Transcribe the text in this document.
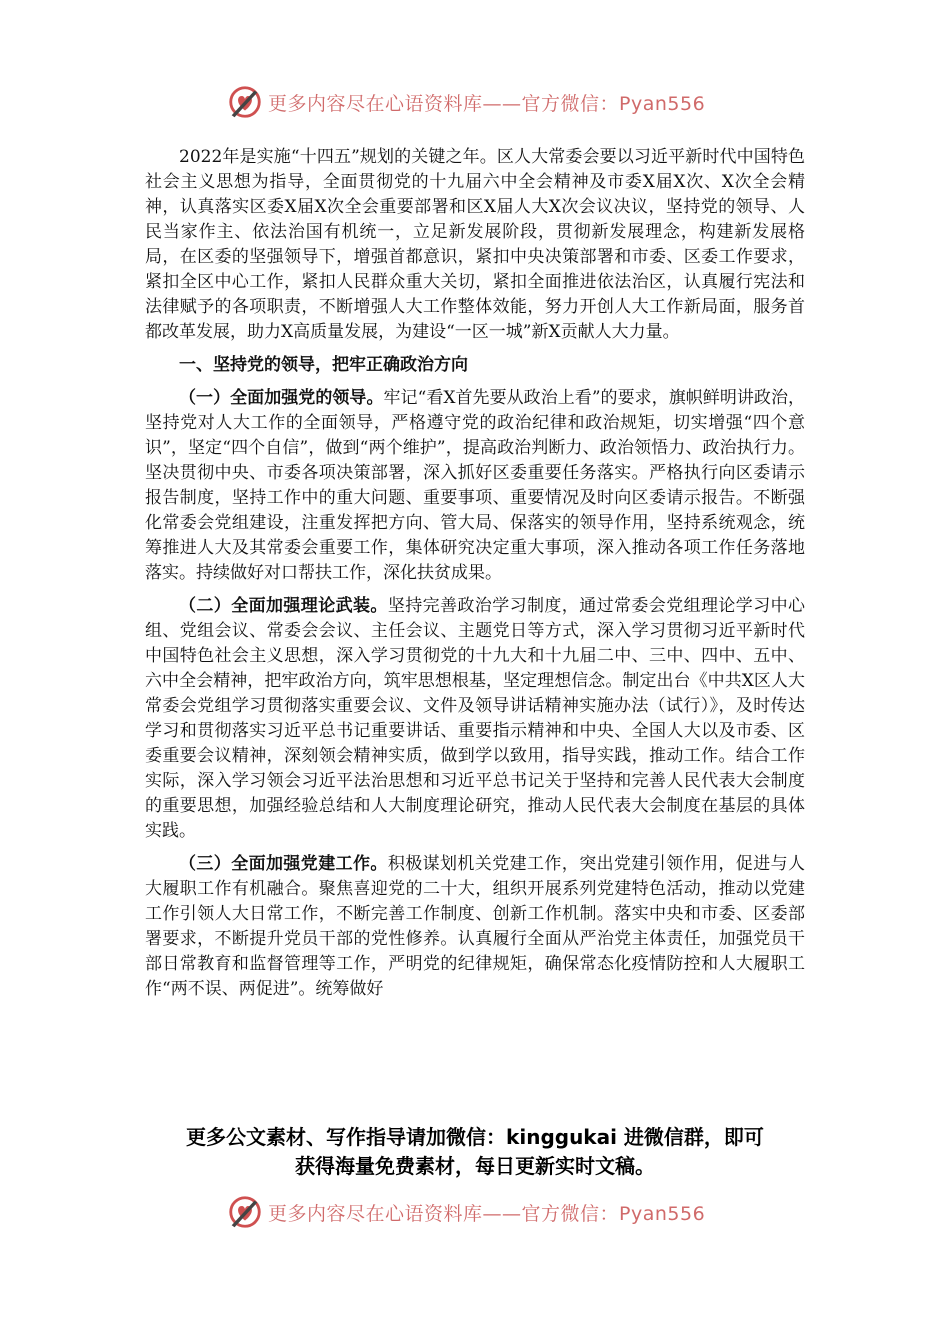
更多内容尽在心语资料库——官方微信：Pyan556

2022年是实施“十四五”规划的关键之年。区人大常委会要以习近平新时代中国特色社会主义思想为指导，全面贯彻党的十九届六中全会精神及市委X届X次、X次全会精神，认真落实区委X届X次全会重要部署和区X届人大X次会议决议，坚持党的领导、人民当家作主、依法治国有机统一，立足新发展阶段，贯彻新发展理念，构建新发展格局，在区委的坚强领导下，增强首都意识，紧扣中央决策部署和市委、区委工作要求，紧扣全区中心工作，紧扣人民群众重大关切，紧扣全面推进依法治区，认真履行宪法和法律赋予的各项职责，不断增强人大工作整体效能，努力开创人大工作新局面，服务首都改革发展，助力X高质量发展，为建设“一区一城”新X贡献人大力量。

一、坚持党的领导，把牢正确政治方向

（一）全面加强党的领导。牢记“看X首先要从政治上看”的要求，旗帜鲜明讲政治，坚持党对人大工作的全面领导，严格遵守党的政治纪律和政治规矩，切实增强“四个意识”，坚定“四个自信”，做到“两个维护”，提高政治判断力、政治领悟力、政治执行力。坚决贯彻中央、市委各项决策部署，深入抓好区委重要任务落实。严格执行向区委请示报告制度，坚持工作中的重大问题、重要事项、重要情况及时向区委请示报告。不断强化常委会党组建设，注重发挥把方向、管大局、保落实的领导作用，坚持系统观念，统筹推进人大及其常委会重要工作，集体研究决定重大事项，深入推动各项工作任务落地落实。持续做好对口帮扶工作，深化扶贫成果。

（二）全面加强理论武装。坚持完善政治学习制度，通过常委会党组理论学习中心组、党组会议、常委会会议、主任会议、主题党日等方式，深入学习贯彻习近平新时代中国特色社会主义思想，深入学习贯彻党的十九大和十九届二中、三中、四中、五中、六中全会精神，把牢政治方向，筑牢思想根基，坚定理想信念。制定出台《中共X区人大常委会党组学习贯彻落实重要会议、文件及领导讲话精神实施办法（试行）》，及时传达学习和贯彻落实习近平总书记重要讲话、重要指示精神和中央、全国人大以及市委、区委重要会议精神，深刻领会精神实质，做到学以致用，指导实践，推动工作。结合工作实际，深入学习领会习近平法治思想和习近平总书记关于坚持和完善人民代表大会制度的重要思想，加强经验总结和人大制度理论研究，推动人民代表大会制度在基层的具体实践。

（三）全面加强党建工作。积极谋划机关党建工作，突出党建引领作用，促进与人大履职工作有机融合。聚焦喜迎党的二十大，组织开展系列党建特色活动，推动以党建工作引领人大日常工作，不断完善工作制度、创新工作机制。落实中央和市委、区委部署要求，不断提升党员干部的党性修养。认真履行全面从严治党主体责任，加强党员干部日常教育和监督管理等工作，严明党的纪律规矩，确保常态化疫情防控和人大履职工作“两不误、两促进”。统筹做好

更多公文素材、写作指导请加微信：kinggukai 进微信群，即可
获得海量免费素材，每日更新实时文稿。
更多内容尽在心语资料库——官方微信：Pyan556
